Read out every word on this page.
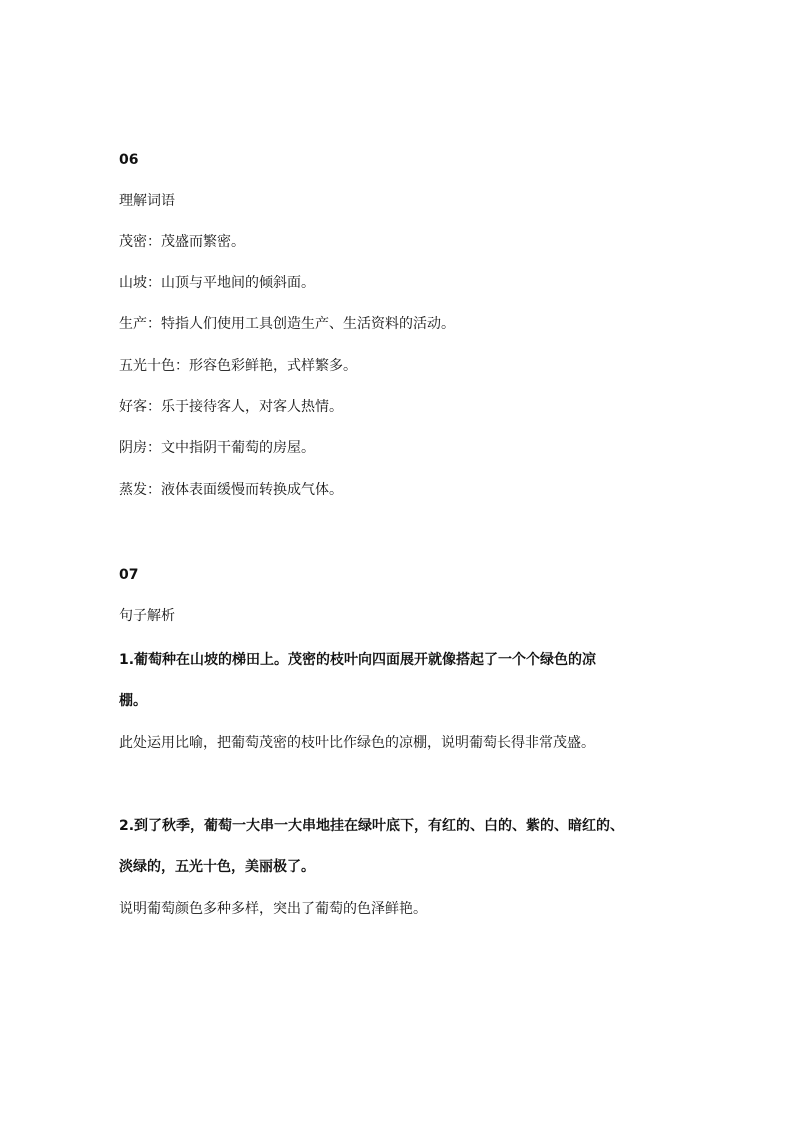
06
理解词语
茂密：茂盛而繁密。
山坡：山顶与平地间的倾斜面。
生产：特指人们使用工具创造生产、生活资料的活动。
五光十色：形容色彩鲜艳，式样繁多。
好客：乐于接待客人，对客人热情。
阴房：文中指阴干葡萄的房屋。
蒸发：液体表面缓慢而转换成气体。
07
句子解析
1.葡萄种在山坡的梯田上。茂密的枝叶向四面展开就像搭起了一个个绿色的凉
棚。
此处运用比喻，把葡萄茂密的枝叶比作绿色的凉棚，说明葡萄长得非常茂盛。
2.到了秋季，葡萄一大串一大串地挂在绿叶底下，有红的、白的、紫的、暗红的、
淡绿的，五光十色，美丽极了。
说明葡萄颜色多种多样，突出了葡萄的色泽鲜艳。
